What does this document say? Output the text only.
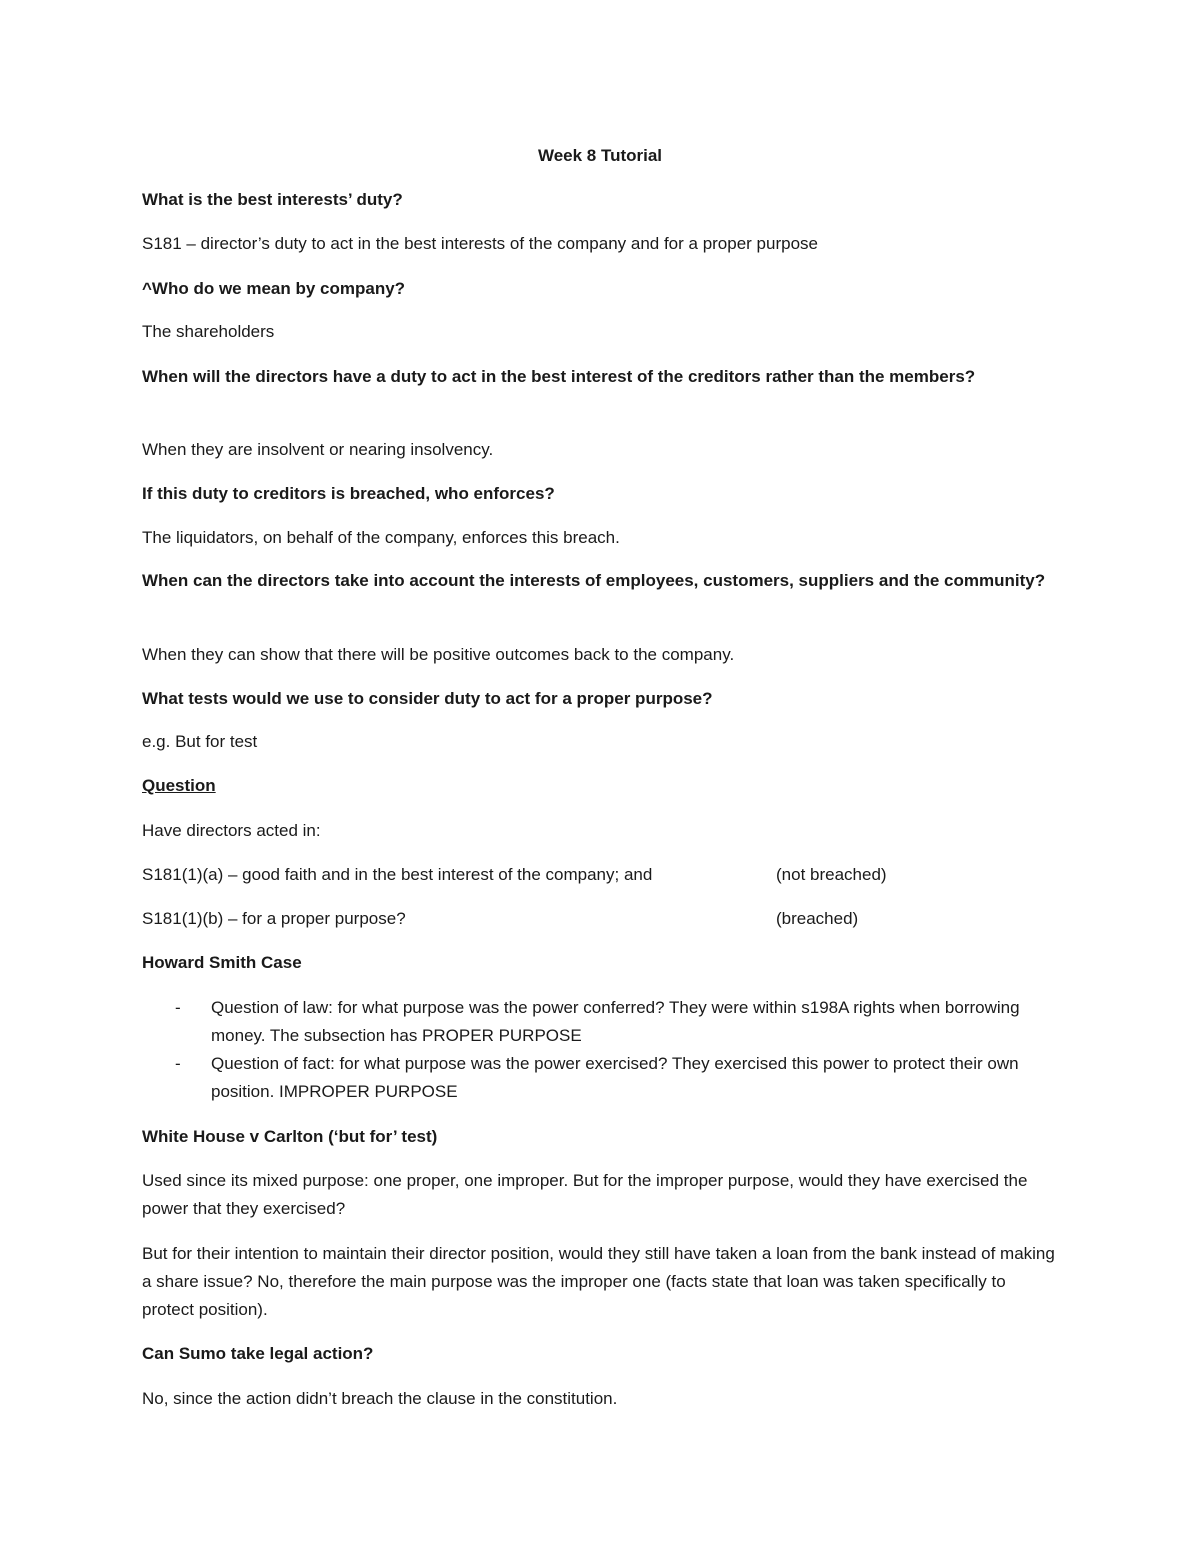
Week 8 Tutorial

What is the best interests’ duty?

S181 – director’s duty to act in the best interests of the company and for a proper purpose

^Who do we mean by company?

The shareholders

When will the directors have a duty to act in the best interest of the creditors rather than the members?

When they are insolvent or nearing insolvency.

If this duty to creditors is breached, who enforces?

The liquidators, on behalf of the company, enforces this breach.

When can the directors take into account the interests of employees, customers, suppliers and the community?

When they can show that there will be positive outcomes back to the company.

What tests would we use to consider duty to act for a proper purpose?

e.g. But for test

Question

Have directors acted in:

S181(1)(a) – good faith and in the best interest of the company; and	(not breached)

S181(1)(b) – for a proper purpose?	(breached)

Howard Smith Case

- Question of law: for what purpose was the power conferred? They were within s198A rights when borrowing money. The subsection has PROPER PURPOSE
- Question of fact: for what purpose was the power exercised? They exercised this power to protect their own position. IMPROPER PURPOSE

White House v Carlton (‘but for’ test)

Used since its mixed purpose: one proper, one improper. But for the improper purpose, would they have exercised the power that they exercised?

But for their intention to maintain their director position, would they still have taken a loan from the bank instead of making a share issue? No, therefore the main purpose was the improper one (facts state that loan was taken specifically to protect position).

Can Sumo take legal action?

No, since the action didn’t breach the clause in the constitution.
